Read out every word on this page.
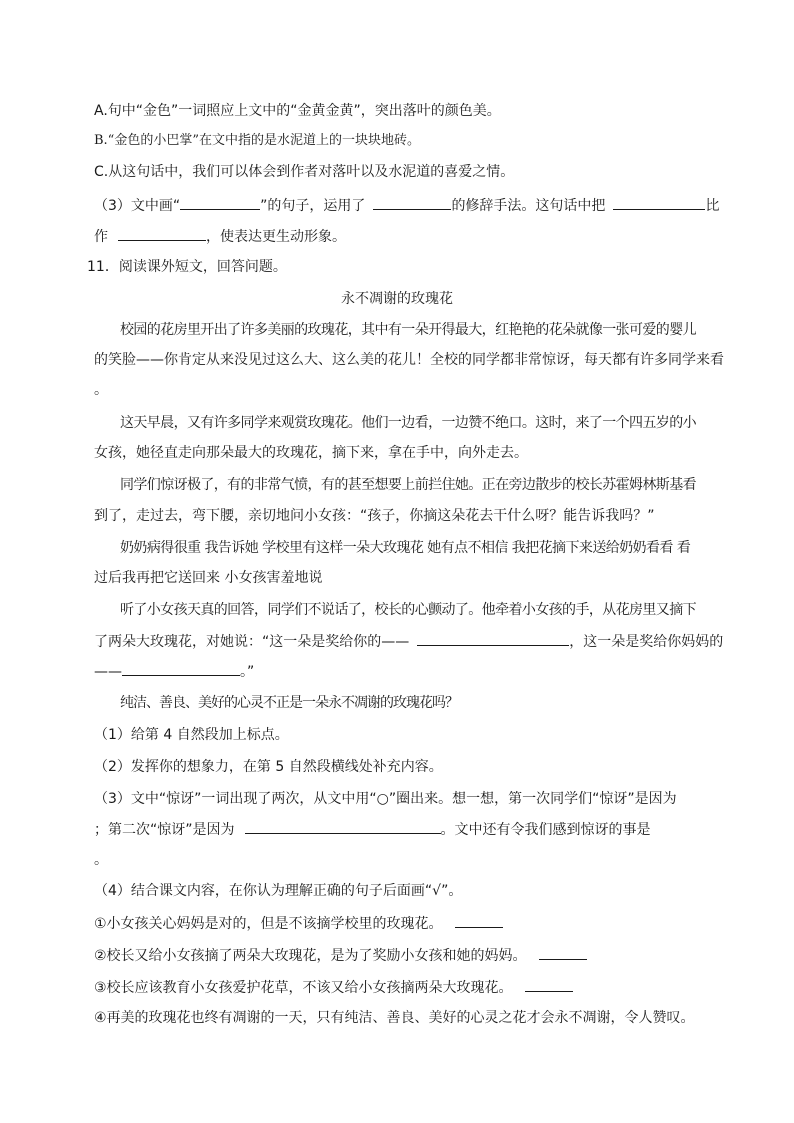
A.句中“金色”一词照应上文中的“金黄金黄”，突出落叶的颜色美。
B.“金色的小巴掌”在文中指的是水泥道上的一块块地砖。
C.从这句话中，我们可以体会到作者对落叶以及水泥道的喜爱之情。
（3）文中画“	”的句子，运用了	的修辞手法。这句话中把	比
作	，使表达更生动形象。
11．阅读课外短文，回答问题。
永不凋谢的玫瑰花
校园的花房里开出了许多美丽的玫瑰花，其中有一朵开得最大，红艳艳的花朵就像一张可爱的婴儿
的笑脸——你肯定从来没见过这么大、这么美的花儿！全校的同学都非常惊讶，每天都有许多同学来看
。
这天早晨，又有许多同学来观赏玫瑰花。他们一边看，一边赞不绝口。这时，来了一个四五岁的小
女孩，她径直走向那朵最大的玫瑰花，摘下来，拿在手中，向外走去。
同学们惊讶极了，有的非常气愤，有的甚至想要上前拦住她。正在旁边散步的校长苏霍姆林斯基看
到了，走过去，弯下腰，亲切地问小女孩：“孩子，你摘这朵花去干什么呀？能告诉我吗？”
奶奶病得很重 我告诉她 学校里有这样一朵大玫瑰花 她有点不相信 我把花摘下来送给奶奶看看 看
过后我再把它送回来 小女孩害羞地说
听了小女孩天真的回答，同学们不说话了，校长的心颤动了。他牵着小女孩的手，从花房里又摘下
了两朵大玫瑰花，对她说：“这一朵是奖给你的——	，这一朵是奖给你妈妈的
——	。”
纯洁、善良、美好的心灵不正是一朵永不凋谢的玫瑰花吗？
（1）给第 4 自然段加上标点。
（2）发挥你的想象力，在第 5 自然段横线处补充内容。
（3）文中“惊讶”一词出现了两次，从文中用“○”圈出来。想一想，第一次同学们“惊讶”是因为
；第二次“惊讶”是因为	。文中还有令我们感到惊讶的事是
。
（4）结合课文内容，在你认为理解正确的句子后面画“√”。
①小女孩关心妈妈是对的，但是不该摘学校里的玫瑰花。
②校长又给小女孩摘了两朵大玫瑰花，是为了奖励小女孩和她的妈妈。
③校长应该教育小女孩爱护花草，不该又给小女孩摘两朵大玫瑰花。
④再美的玫瑰花也终有凋谢的一天，只有纯洁、善良、美好的心灵之花才会永不凋谢，令人赞叹。
